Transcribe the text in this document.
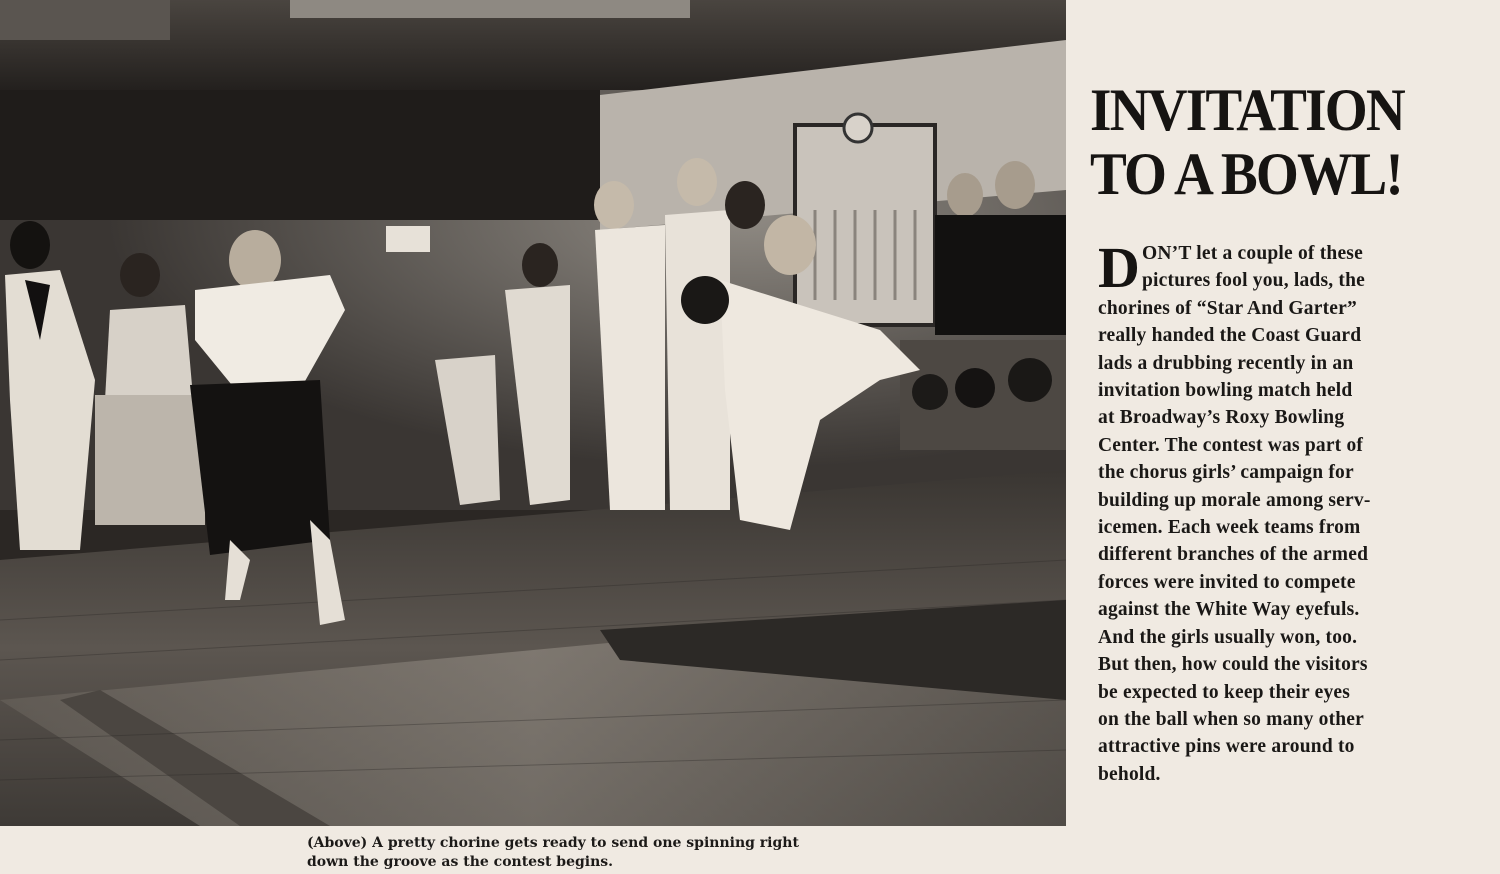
(Above) A pretty chorine gets ready to send one spinning right
down the groove as the contest begins.
INVITATION
TO A BOWL!
D ON’T let a couple of these
pictures fool you, lads, the
chorines of “Star And Garter”
really handed the Coast Guard
lads a drubbing recently in an
invitation bowling match held
at Broadway’s Roxy Bowling
Center. The contest was part of
the chorus girls’ campaign for
building up morale among serv-
icemen. Each week teams from
different branches of the armed
forces were invited to compete
against the White Way eyefuls.
And the girls usually won, too.
But then, how could the visitors
be expected to keep their eyes
on the ball when so many other
attractive pins were around to
behold.
